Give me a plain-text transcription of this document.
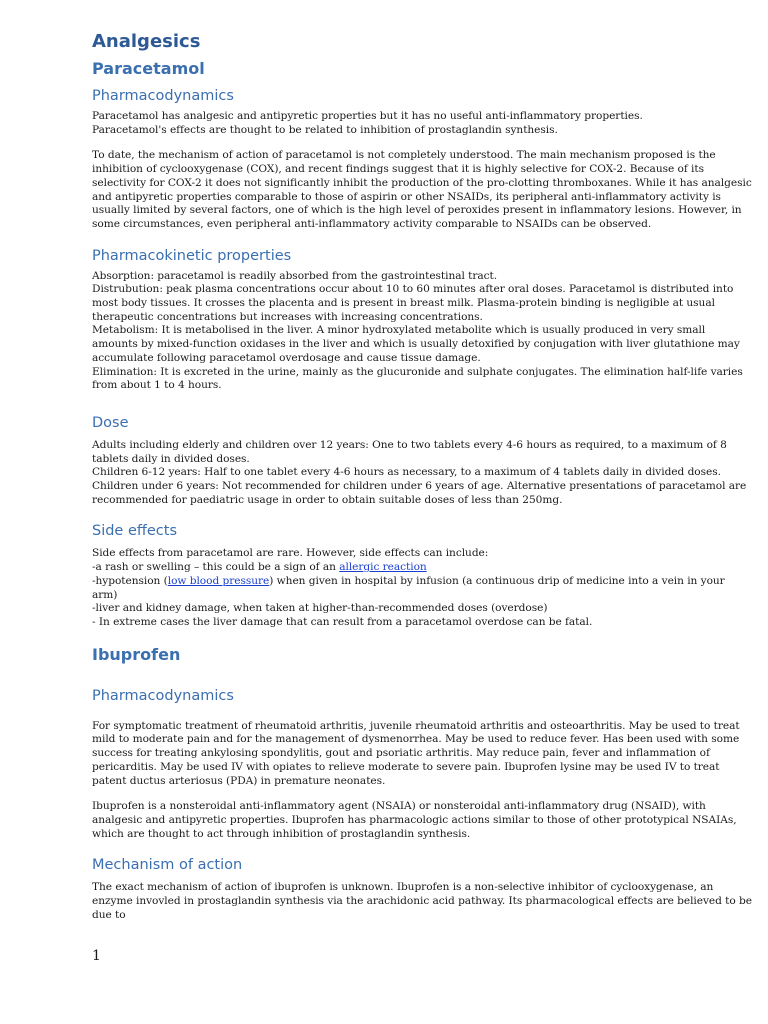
Analgesics
Paracetamol
Pharmacodynamics

Paracetamol has analgesic and antipyretic properties but it has no useful anti-inflammatory properties.

Paracetamol's effects are thought to be related to inhibition of prostaglandin synthesis.

To date, the mechanism of action of paracetamol is not completely understood. The main mechanism proposed is the inhibition of cyclooxygenase (COX), and recent findings suggest that it is highly selective for COX-2. Because of its selectivity for COX-2 it does not significantly inhibit the production of the pro-clotting thromboxanes. While it has analgesic and antipyretic properties comparable to those of aspirin or other NSAIDs, its peripheral anti-inflammatory activity is usually limited by several factors, one of which is the high level of peroxides present in inflammatory lesions. However, in some circumstances, even peripheral anti-inflammatory activity comparable to NSAIDs can be observed.

Pharmacokinetic properties

Absorption: paracetamol is readily absorbed from the gastrointestinal tract.

Distrubution: peak plasma concentrations occur about 10 to 60 minutes after oral doses. Paracetamol is distributed into most body tissues. It crosses the placenta and is present in breast milk. Plasma-protein binding is negligible at usual therapeutic concentrations but increases with increasing concentrations.

Metabolism: It is metabolised in the liver. A minor hydroxylated metabolite which is usually produced in very small amounts by mixed-function oxidases in the liver and which is usually detoxified by conjugation with liver glutathione may accumulate following paracetamol overdosage and cause tissue damage.

Elimination: It is excreted in the urine, mainly as the glucuronide and sulphate conjugates. The elimination half-life varies from about 1 to 4 hours.

Dose

Adults including elderly and children over 12 years: One to two tablets every 4-6 hours as required, to a maximum of 8 tablets daily in divided doses.

Children 6-12 years: Half to one tablet every 4-6 hours as necessary, to a maximum of 4 tablets daily in divided doses.

Children under 6 years: Not recommended for children under 6 years of age. Alternative presentations of paracetamol are recommended for paediatric usage in order to obtain suitable doses of less than 250mg.

Side effects

Side effects from paracetamol are rare. However, side effects can include:

-a rash or swelling – this could be a sign of an allergic reaction

-hypotension (low blood pressure) when given in hospital by infusion (a continuous drip of medicine into a vein in your arm)

-liver and kidney damage, when taken at higher-than-recommended doses (overdose)

- In extreme cases the liver damage that can result from a paracetamol overdose can be fatal.

Ibuprofen
Pharmacodynamics

For symptomatic treatment of rheumatoid arthritis, juvenile rheumatoid arthritis and osteoarthritis. May be used to treat mild to moderate pain and for the management of dysmenorrhea. May be used to reduce fever. Has been used with some success for treating ankylosing spondylitis, gout and psoriatic arthritis. May reduce pain, fever and inflammation of pericarditis. May be used IV with opiates to relieve moderate to severe pain. Ibuprofen lysine may be used IV to treat patent ductus arteriosus (PDA) in premature neonates.

Ibuprofen is a nonsteroidal anti-inflammatory agent (NSAIA) or nonsteroidal anti-inflammatory drug (NSAID), with analgesic and antipyretic properties. Ibuprofen has pharmacologic actions similar to those of other prototypical NSAIAs, which are thought to act through inhibition of prostaglandin synthesis.

Mechanism of action

The exact mechanism of action of ibuprofen is unknown. Ibuprofen is a non-selective inhibitor of cyclooxygenase, an enzyme invovled in prostaglandin synthesis via the arachidonic acid pathway. Its pharmacological effects are believed to be due to

1
